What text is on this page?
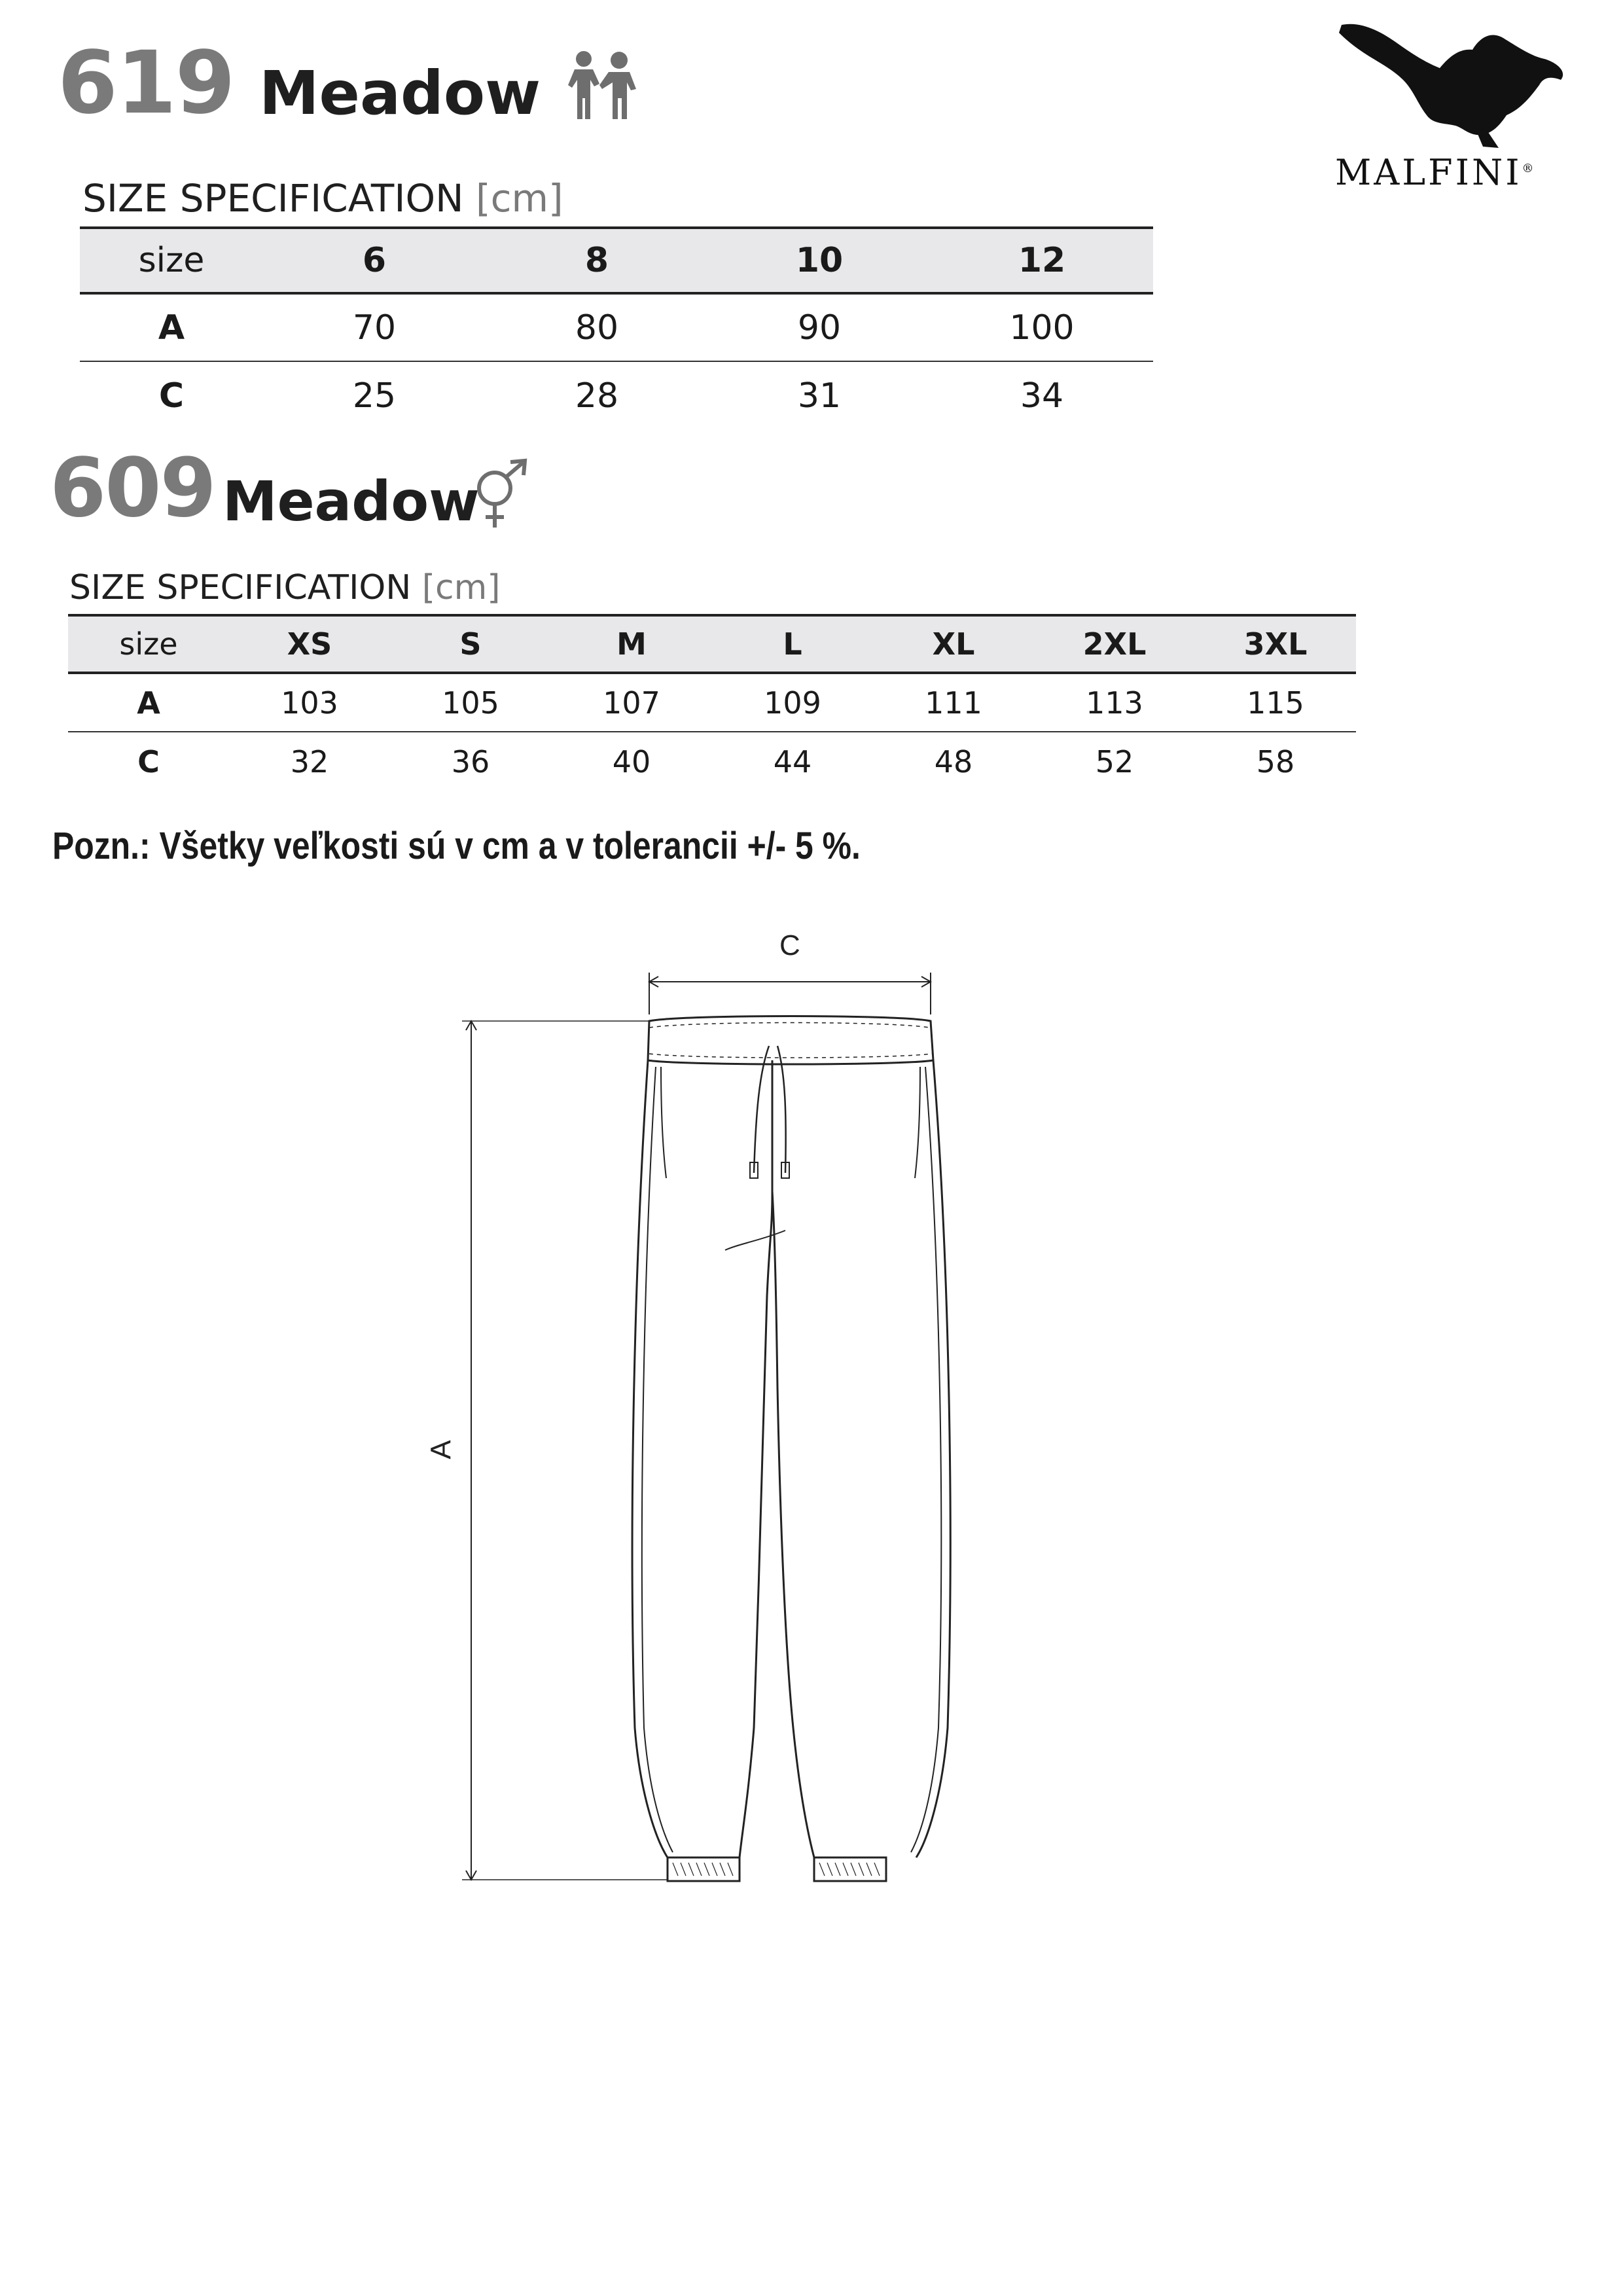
619 Meadow
MALFINI®
SIZE SPECIFICATION [cm]
size	6	8	10	12
A	70	80	90	100
C	25	28	31	34
609 Meadow
SIZE SPECIFICATION [cm]
size	XS	S	M	L	XL	2XL	3XL
A	103	105	107	109	111	113	115
C	32	36	40	44	48	52	58
Pozn.: Všetky veľkosti sú v cm a v tolerancii +/- 5 %.
C
A
